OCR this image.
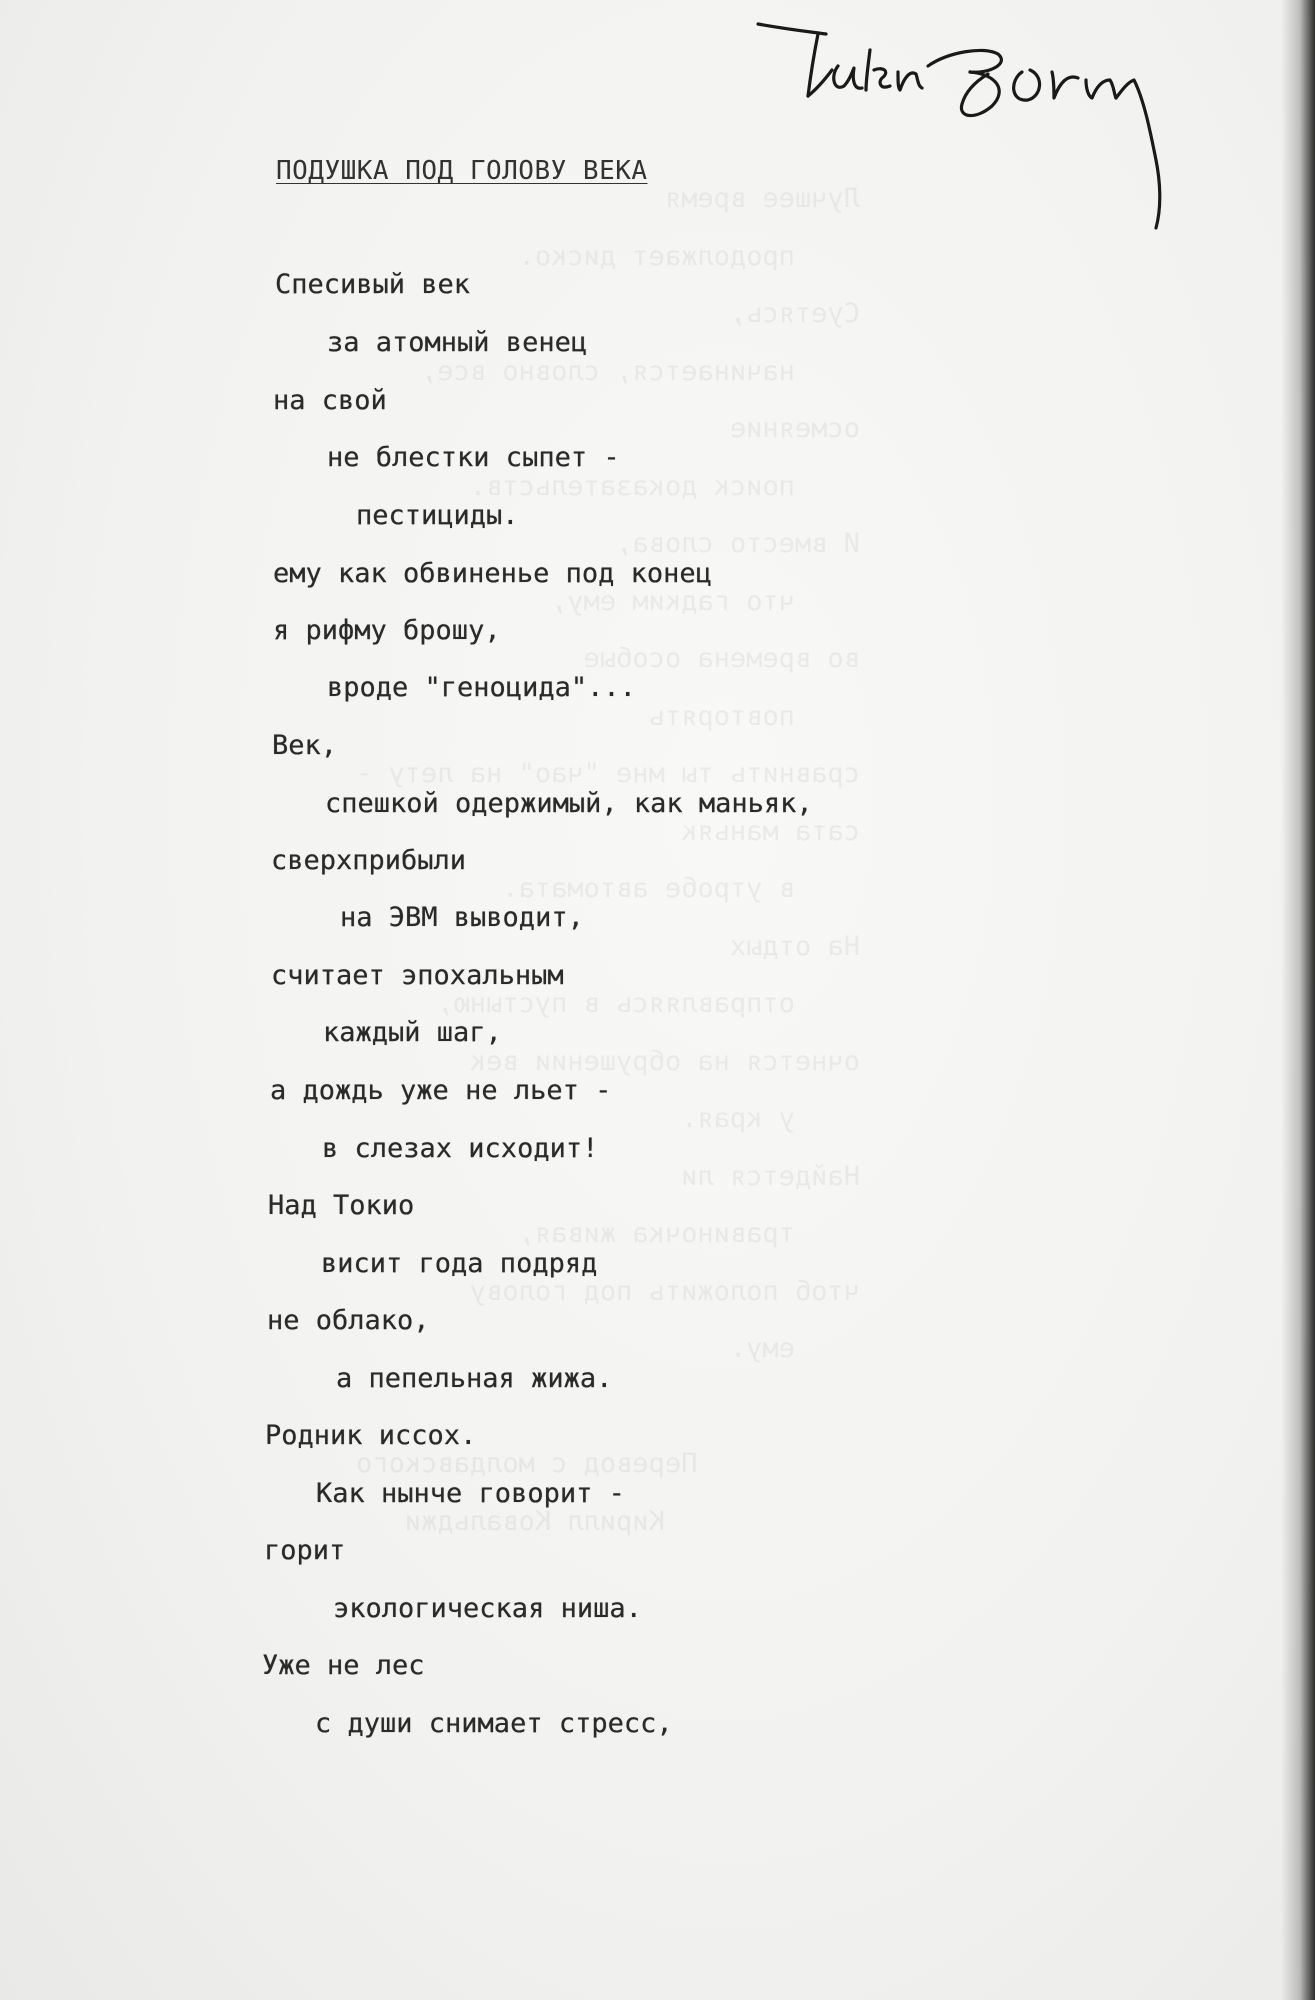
Лучшее время
продолжает диско.
Суетясь,
начинается, словно все,
осмеяние
поиск доказательств.
И вместо слова,
что гадким ему,
во времена особые
повторять
сравнить ты мне "чао" на лету -
сата маньяк
в утробе автомата.
На отдых
отправляясь в пустыню,
очнется на обрушении век
у края.
Найдется ли
травиночка живая,
чтоб положить под голову
ему.

Перевод с молдавского
Кирилл Ковальджи
ПОДУШКА ПОД ГОЛОВУ ВЕКА
Спесивый век
за атомный венец
на свой
не блестки сыпет -
пестициды.
ему как обвиненье под конец
я рифму брошу,
вроде "геноцида"...
Век,
спешкой одержимый, как маньяк,
сверхприбыли
на ЭВМ выводит,
считает эпохальным
каждый шаг,
а дождь уже не льет -
в слезах исходит!
Над Токио
висит года подряд
не облако,
а пепельная жижа.
Родник иссох.
Как нынче говорит -
горит
экологическая ниша.
Уже не лес
с души снимает стресс,
